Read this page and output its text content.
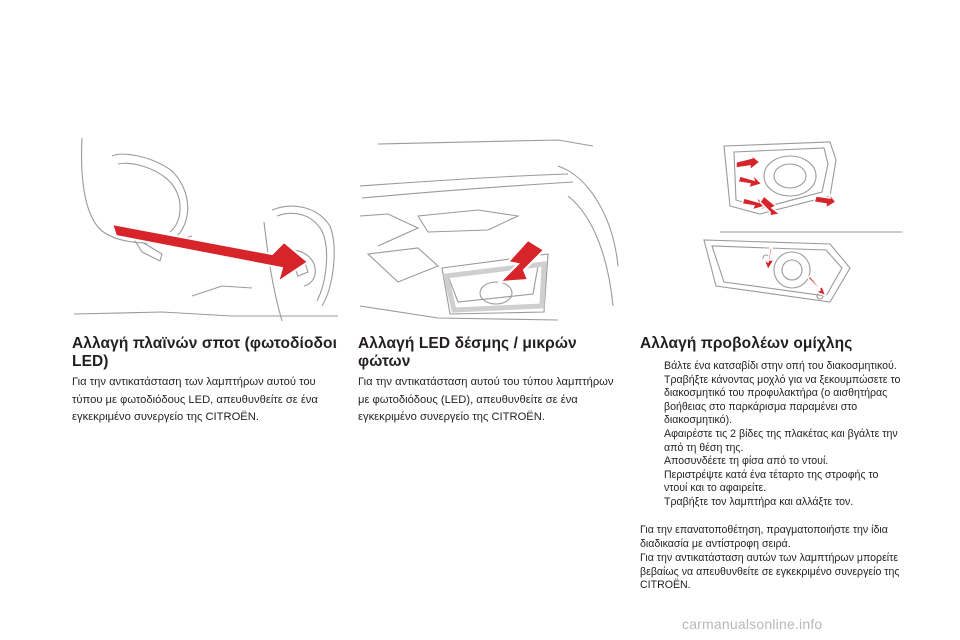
Αλλαγή πλαϊνών σποτ (φωτοδίοδοι LED)
Για την αντικατάσταση των λαμπτήρων αυτού του τύπου με φωτοδιόδους LED, απευθυνθείτε σε ένα εγκεκριμένο συνεργείο της CITROËN.
Αλλαγή LED δέσμης / μικρών φώτων
Για την αντικατάσταση αυτού του τύπου λαμπτήρων με φωτοδιόδους (LED), απευθυνθείτε σε ένα εγκεκριμένο συνεργείο της CITROËN.
Αλλαγή προβολέων ομίχλης
Βάλτε ένα κατσαβίδι στην οπή του διακοσμητικού.
Τραβήξτε κάνοντας μοχλό για να ξεκουμπώσετε το διακοσμητικό του προφυλακτήρα (ο αισθητήρας βοήθειας στο παρκάρισμα παραμένει στο διακοσμητικό).
Αφαιρέστε τις 2 βίδες της πλακέτας και βγάλτε την από τη θέση της.
Αποσυνδέετε τη φίσα από το ντουί.
Περιστρέψτε κατά ένα τέταρτο της στροφής το ντουί και το αφαιρείτε.
Τραβήξτε τον λαμπτήρα και αλλάξτε τον.
Για την επανατοποθέτηση, πραγματοποιήστε την ίδια διαδικασία με αντίστροφη σειρά.
Για την αντικατάσταση αυτών των λαμπτήρων μπορείτε βεβαίως να απευθυνθείτε σε εγκεκριμένο συνεργείο της CITROËN.
carmanualsonline.info
